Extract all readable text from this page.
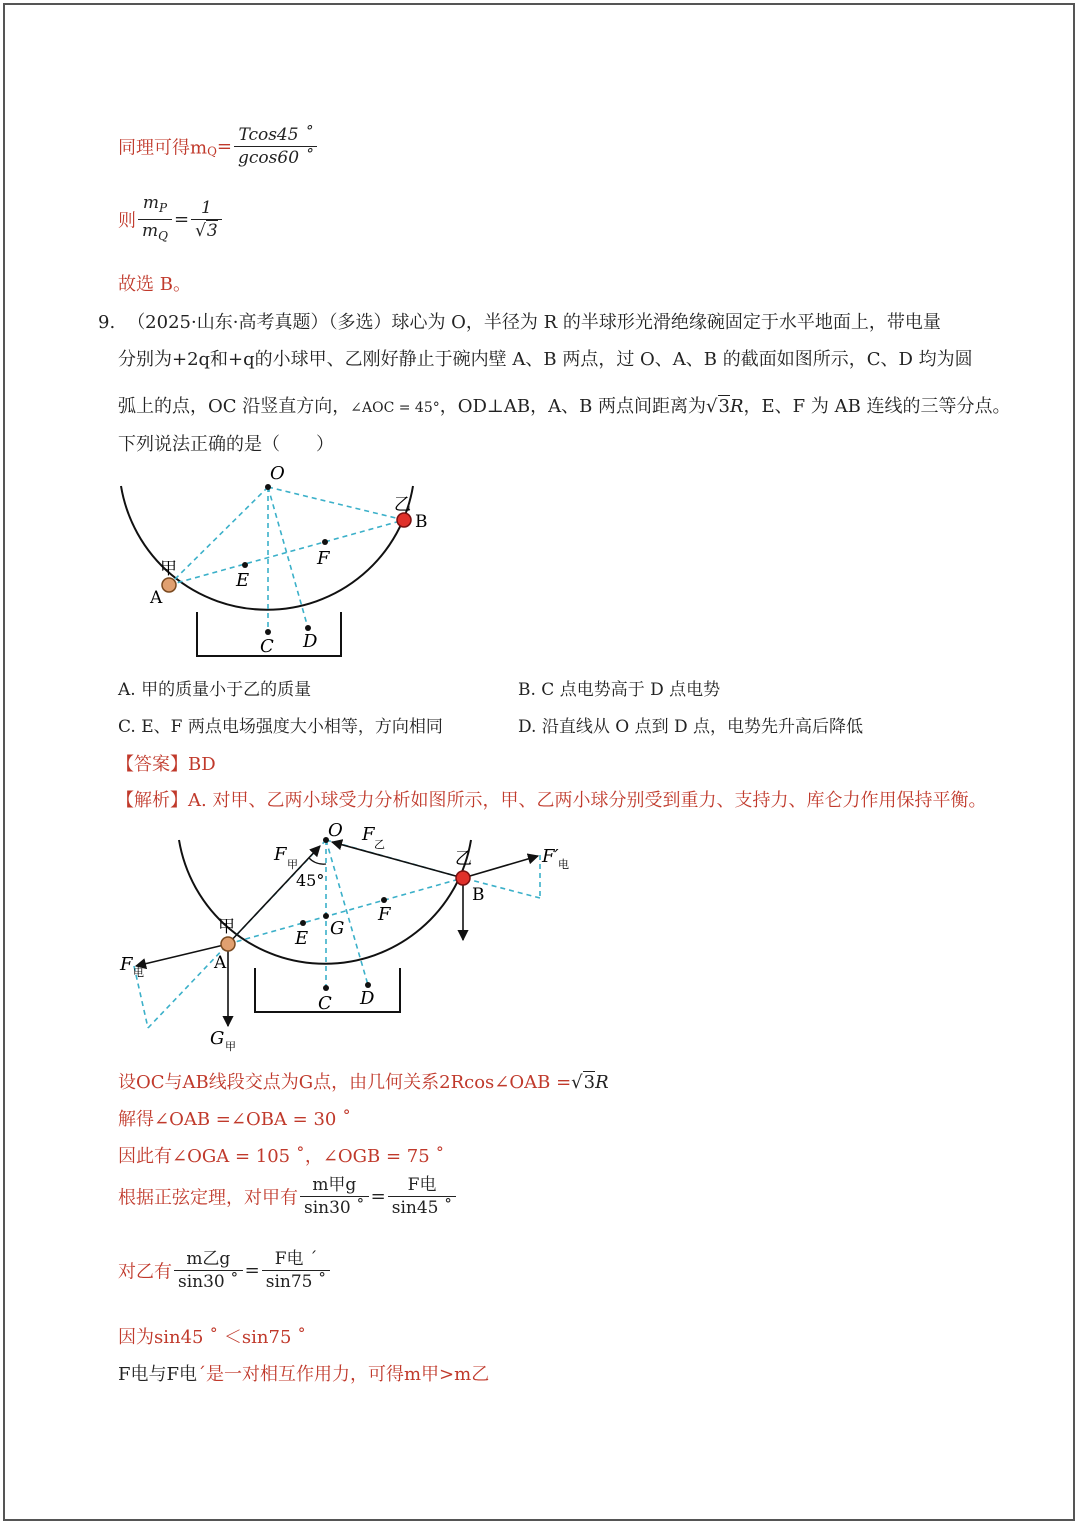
同理可得$m_Q= \frac{Tcos45 ˚}{gcos60 ˚}$
则 $\frac{m_P}{m_Q} = \frac{1}{√3}$
故选 B。
9. （2025·山东·高考真题）（多选）球心为 O，半径为 R 的半球形光滑绝缘碗固定于水平地面上，带电量
分别为+2q和+q的小球甲、乙刚好静止于碗内壁 A、B 两点，过 O、A、B 的截面如图所示，C、D 均为圆
弧上的点，OC 沿竖直方向，∠AOC = 45°，OD⊥AB，A、B 两点间距离为√3R，E、F 为 AB 连线的三等分点。
下列说法正确的是（　　）
O
B
乙
甲
A
E
F
C D
A. 甲的质量小于乙的质量	B. C 点电势高于 D 点电势
C. E、F 两点电场强度大小相等，方向相同	D. 沿直线从 O 点到 D 点，电势先升高后降低
【答案】BD
【解析】A. 对甲、乙两小球受力分析如图所示，甲、乙两小球分别受到重力、支持力、库仑力作用保持平衡。
O F 乙
F 甲
45°
乙	F′ 电
B
甲
F
E G
F 电	A
C D
G 甲
设OC与AB线段交点为G点，由几何关系2Rcos∠OAB =√3R
解得∠OAB =∠OBA = 30 ˚
因此有∠OGA = 105 ˚，∠OGB = 75 ˚
根据正弦定理，对甲有 $\frac{\text{m甲g}}{\sin 30 ˚} = \frac{\text{F电}}{\sin 45 ˚}$
对乙有 $\frac{\text{m乙g}}{\sin 30 ˚} = \frac{\text{F电 ˊ}}{\sin 75 ˚}$
因为sin45 ˚ ＜sin75 ˚
F电与F电ˊ是一对相互作用力，可得m甲>m乙
